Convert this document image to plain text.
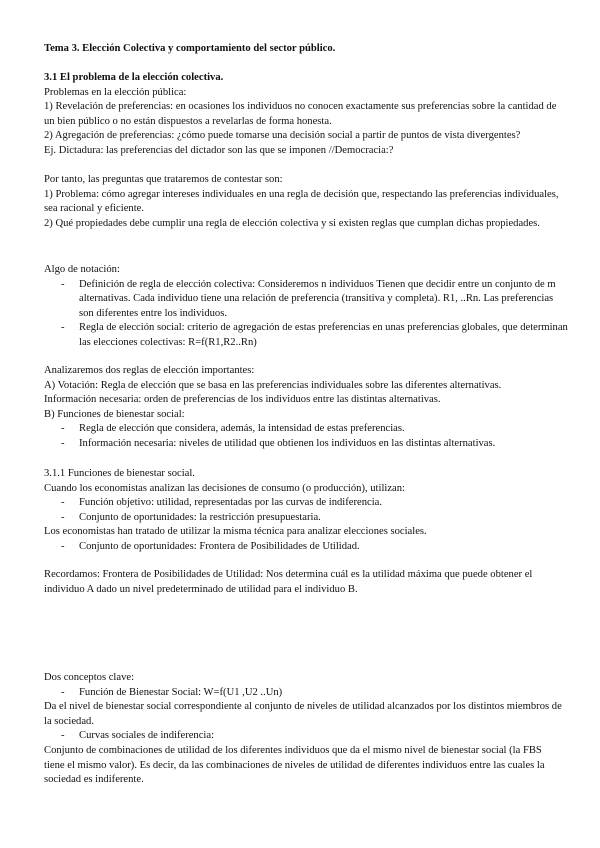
Tema 3. Elección Colectiva y comportamiento del sector público.

3.1 El problema de la elección colectiva.

Problemas en la elección pública:

1) Revelación de preferencias: en ocasiones los individuos no conocen exactamente sus preferencias sobre la cantidad de un bien público o no están dispuestos a revelarlas de forma honesta.

2) Agregación de preferencias: ¿cómo puede tomarse una decisión social a partir de puntos de vista divergentes?

Ej. Dictadura: las preferencias del dictador son las que se imponen //Democracia:?

Por tanto, las preguntas que trataremos de contestar son:

1) Problema: cómo agregar intereses individuales en una regla de decisión que, respectando las preferencias individuales, sea racional y eficiente.

2) Qué propiedades debe cumplir una regla de elección colectiva y si existen reglas que cumplan dichas propiedades.

Algo de notación:

- Definición de regla de elección colectiva: Consideremos n individuos Tienen que decidir entre un conjunto de m alternativas. Cada individuo tiene una relación de preferencia (transitiva y completa). R1, ..Rn. Las preferencias son diferentes entre los individuos.
- Regla de elección social: criterio de agregación de estas preferencias en unas preferencias globales, que determinan las elecciones colectivas: R=f(R1,R2..Rn)

Analizaremos dos reglas de elección importantes:

A) Votación: Regla de elección que se basa en las preferencias individuales sobre las diferentes alternativas.

Información necesaria: orden de preferencias de los individuos entre las distintas alternativas.

B) Funciones de bienestar social:

- Regla de elección que considera, además, la intensidad de estas preferencias.
- Información necesaria: niveles de utilidad que obtienen los individuos en las distintas alternativas.

3.1.1 Funciones de bienestar social.

Cuando los economistas analizan las decisiones de consumo (o producción), utilizan:

- Función objetivo: utilidad, representadas por las curvas de indiferencia.
- Conjunto de oportunidades: la restricción presupuestaria.

Los economistas han tratado de utilizar la misma técnica para analizar elecciones sociales.

- Conjunto de oportunidades: Frontera de Posibilidades de Utilidad.

Recordamos: Frontera de Posibilidades de Utilidad: Nos determina cuál es la utilidad máxima que puede obtener el individuo A dado un nivel predeterminado de utilidad para el individuo B.

Dos conceptos clave:

- Función de Bienestar Social: W=f(U1 ,U2 ..Un)

Da el nivel de bienestar social correspondiente al conjunto de niveles de utilidad alcanzados por los distintos miembros de la sociedad.

- Curvas sociales de indiferencia:

Conjunto de combinaciones de utilidad de los diferentes individuos que da el mismo nivel de bienestar social (la FBS tiene el mismo valor). Es decir, da las combinaciones de niveles de utilidad de diferentes individuos entre las cuales la sociedad es indiferente.
